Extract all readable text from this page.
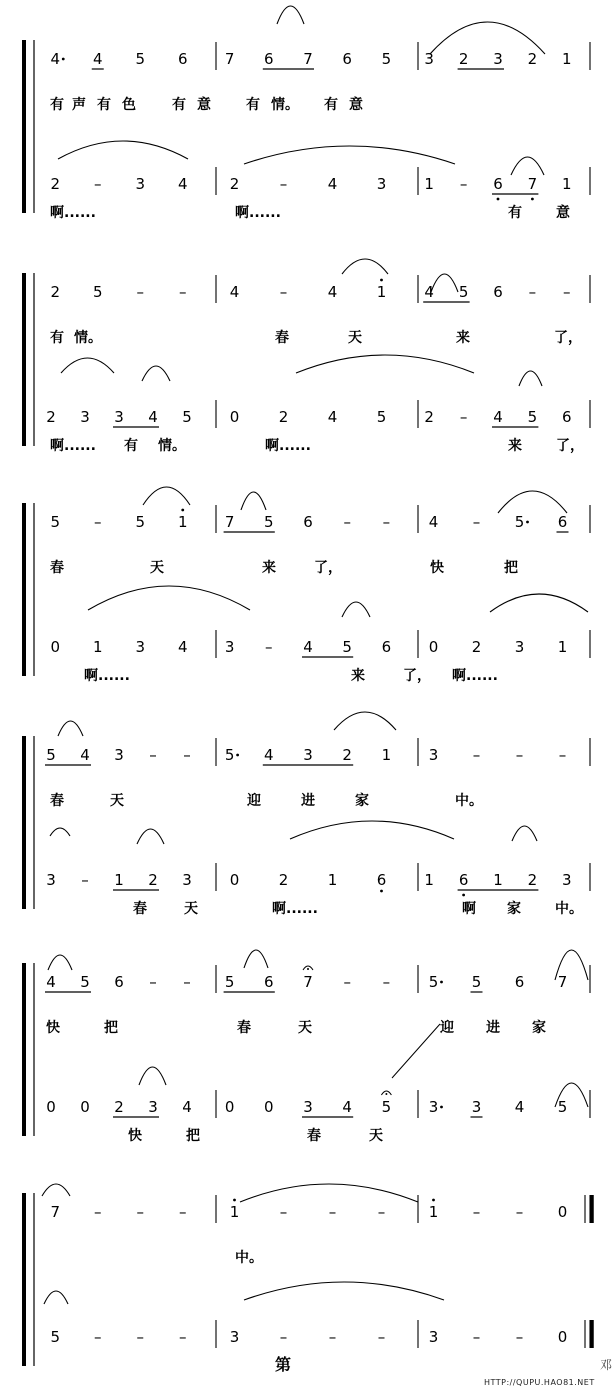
4 4 5 6 7 6 7 6 5 3 2 3 2 1
有 声 有 色	有 意	有 情。 有 意
2 – 3 4	2	–	4	3	1 – 6 7 1
啊......	啊......	有 意
2 5 – –	4	–	4	1	4 5 6 – –
有 情。	春	天	来	了，
2 3 3 4 5	0	2	4	5	2 – 4 5 6
啊...... 有 情。	啊......	来 了，
5 – 5 1 7 5 6 – –	4 – 5 6
春	天	来	了，	快	把
0 1 3 4 3 – 4 5 6	0 2 3 1
啊......	来	了， 啊......
5 4 3 – – 5 4 3 2 1	3 – – –
春	天	迎	进	家	中。
3 – 1 2 3	0	2	1	6	1 6 1 2 3
春	天	啊......	啊 家 中。
4 5 6 – – 5 6 7 – –	5 5 6 7
快	把	春	天	迎 进 家
0 0 2 3 4 0 0 3 4 5	3 3 4 5
快	把	春	天
7 – – –	1	–	–	–	1 – – 0
中。
5 – – –	3	–	–	–	3 – – 0
第	邓
HTTP://QUPU.HAO81.NET
